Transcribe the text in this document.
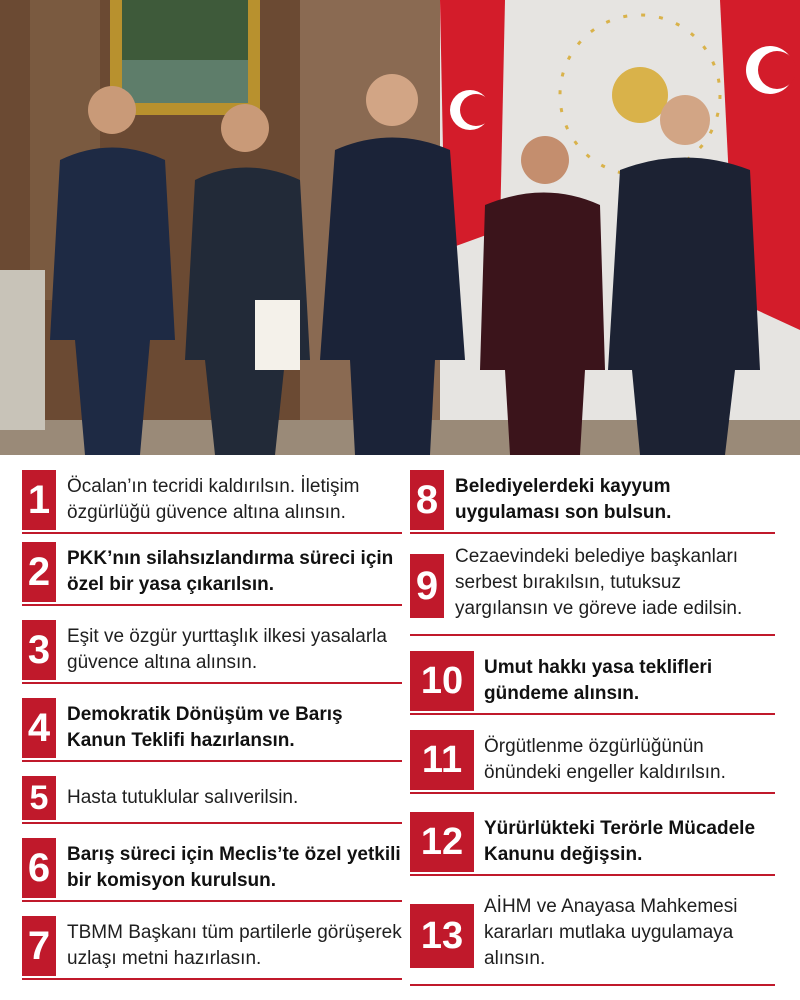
1 Öcalan’ın tecridi kaldırılsın. İletişim özgürlüğü güvence altına alınsın.
2 PKK’nın silahsızlandırma süreci için özel bir yasa çıkarılsın.
3 Eşit ve özgür yurttaşlık ilkesi yasalarla güvence altına alınsın.
4 Demokratik Dönüşüm ve Barış Kanun Teklifi hazırlansın.
5 Hasta tutuklular salıverilsin.
6 Barış süreci için Meclis’te özel yetkili bir komisyon kurulsun.
7 TBMM Başkanı tüm partilerle görüşerek uzlaşı metni hazırlasın.
8 Belediyelerdeki kayyum uygulaması son bulsun.
9
Cezaevindeki belediye başkanları serbest bırakılsın, tutuksuz yargılansın ve göreve iade edilsin.
10	Umut hakkı yasa teklifleri gündeme alınsın.
11	Örgütlenme özgürlüğünün önündeki engeller kaldırılsın.
12	Yürürlükteki Terörle Mücadele Kanunu değişsin.
13
AİHM ve Anayasa Mahkemesi kararları mutlaka uygulamaya alınsın.
